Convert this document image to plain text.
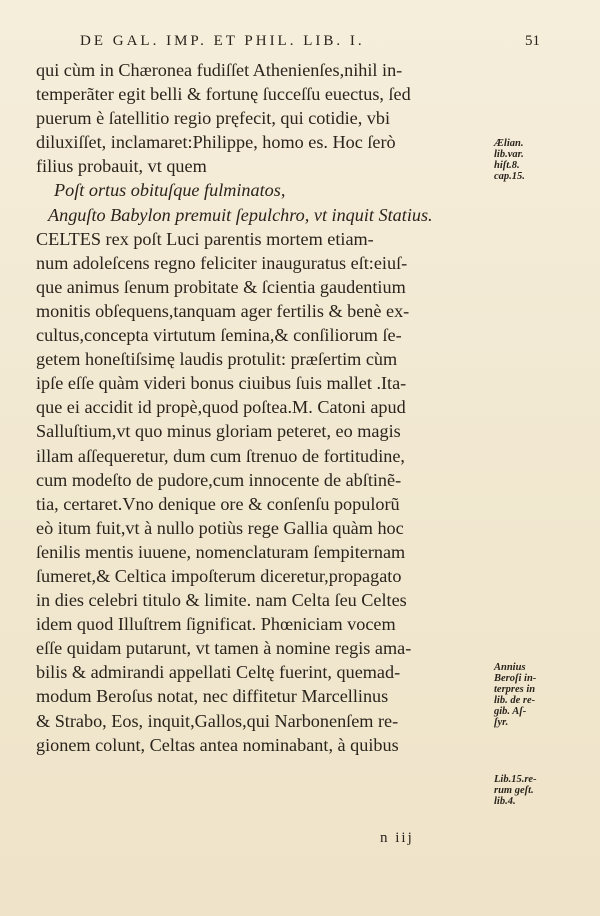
DE GAL. IMP. ET PHIL. LIB. I.	51
qui cùm in Chæronea fudiſſet Athenienſes,nihil in-
temperãter egit belli & fortunę ſucceſſu euectus, ſed
puerum è ſatellitio regio pręfecit, qui cotidie, vbi
diluxiſſet, inclamaret:Philippe, homo es. Hoc ſerò
filius probauit, vt quem
Poſt ortus obituſque fulminatos,
Anguſto Babylon premuit ſepulchro, vt inquit Statius.
CELTES rex poſt Luci parentis mortem etiam-
num adoleſcens regno feliciter inauguratus eſt:eiuſ-
que animus ſenum probitate & ſcientia gaudentium
monitis obſequens,tanquam ager fertilis & benè ex-
cultus,concepta virtutum ſemina,& conſiliorum ſe-
getem honeſtiſsimę laudis protulit: præſertim cùm
ipſe eſſe quàm videri bonus ciuibus ſuis mallet .Ita-
que ei accidit id propè,quod poſtea.M. Catoni apud
Salluſtium,vt quo minus gloriam peteret, eo magis
illam aſſequeretur, dum cum ſtrenuo de fortitudine,
cum modeſto de pudore,cum innocente de abſtinẽ-
tia, certaret.Vno denique ore & conſenſu populorũ
eò itum fuit,vt à nullo potiùs rege Gallia quàm hoc
ſenilis mentis iuuene, nomenclaturam ſempiternam
ſumeret,& Celtica impoſterum diceretur,propagato
in dies celebri titulo & limite. nam Celta ſeu Celtes
idem quod Illuſtrem ſignificat. Phœniciam vocem
eſſe quidam putarunt, vt tamen à nomine regis ama-
bilis & admirandi appellati Celtę fuerint, quemad-
modum Beroſus notat, nec diffitetur Marcellinus
& Strabo, Eos, inquit,Gallos,qui Narbonenſem re-
gionem colunt, Celtas antea nominabant, à quibus
Ælian.
lib.var.
hiſt.8.
cap.15.
Annius
Beroſi in-
terpres in
lib. de re-
gib. Aſ-
ſyr.
Lib.15.re-
rum geſt.
lib.4.
n iij
